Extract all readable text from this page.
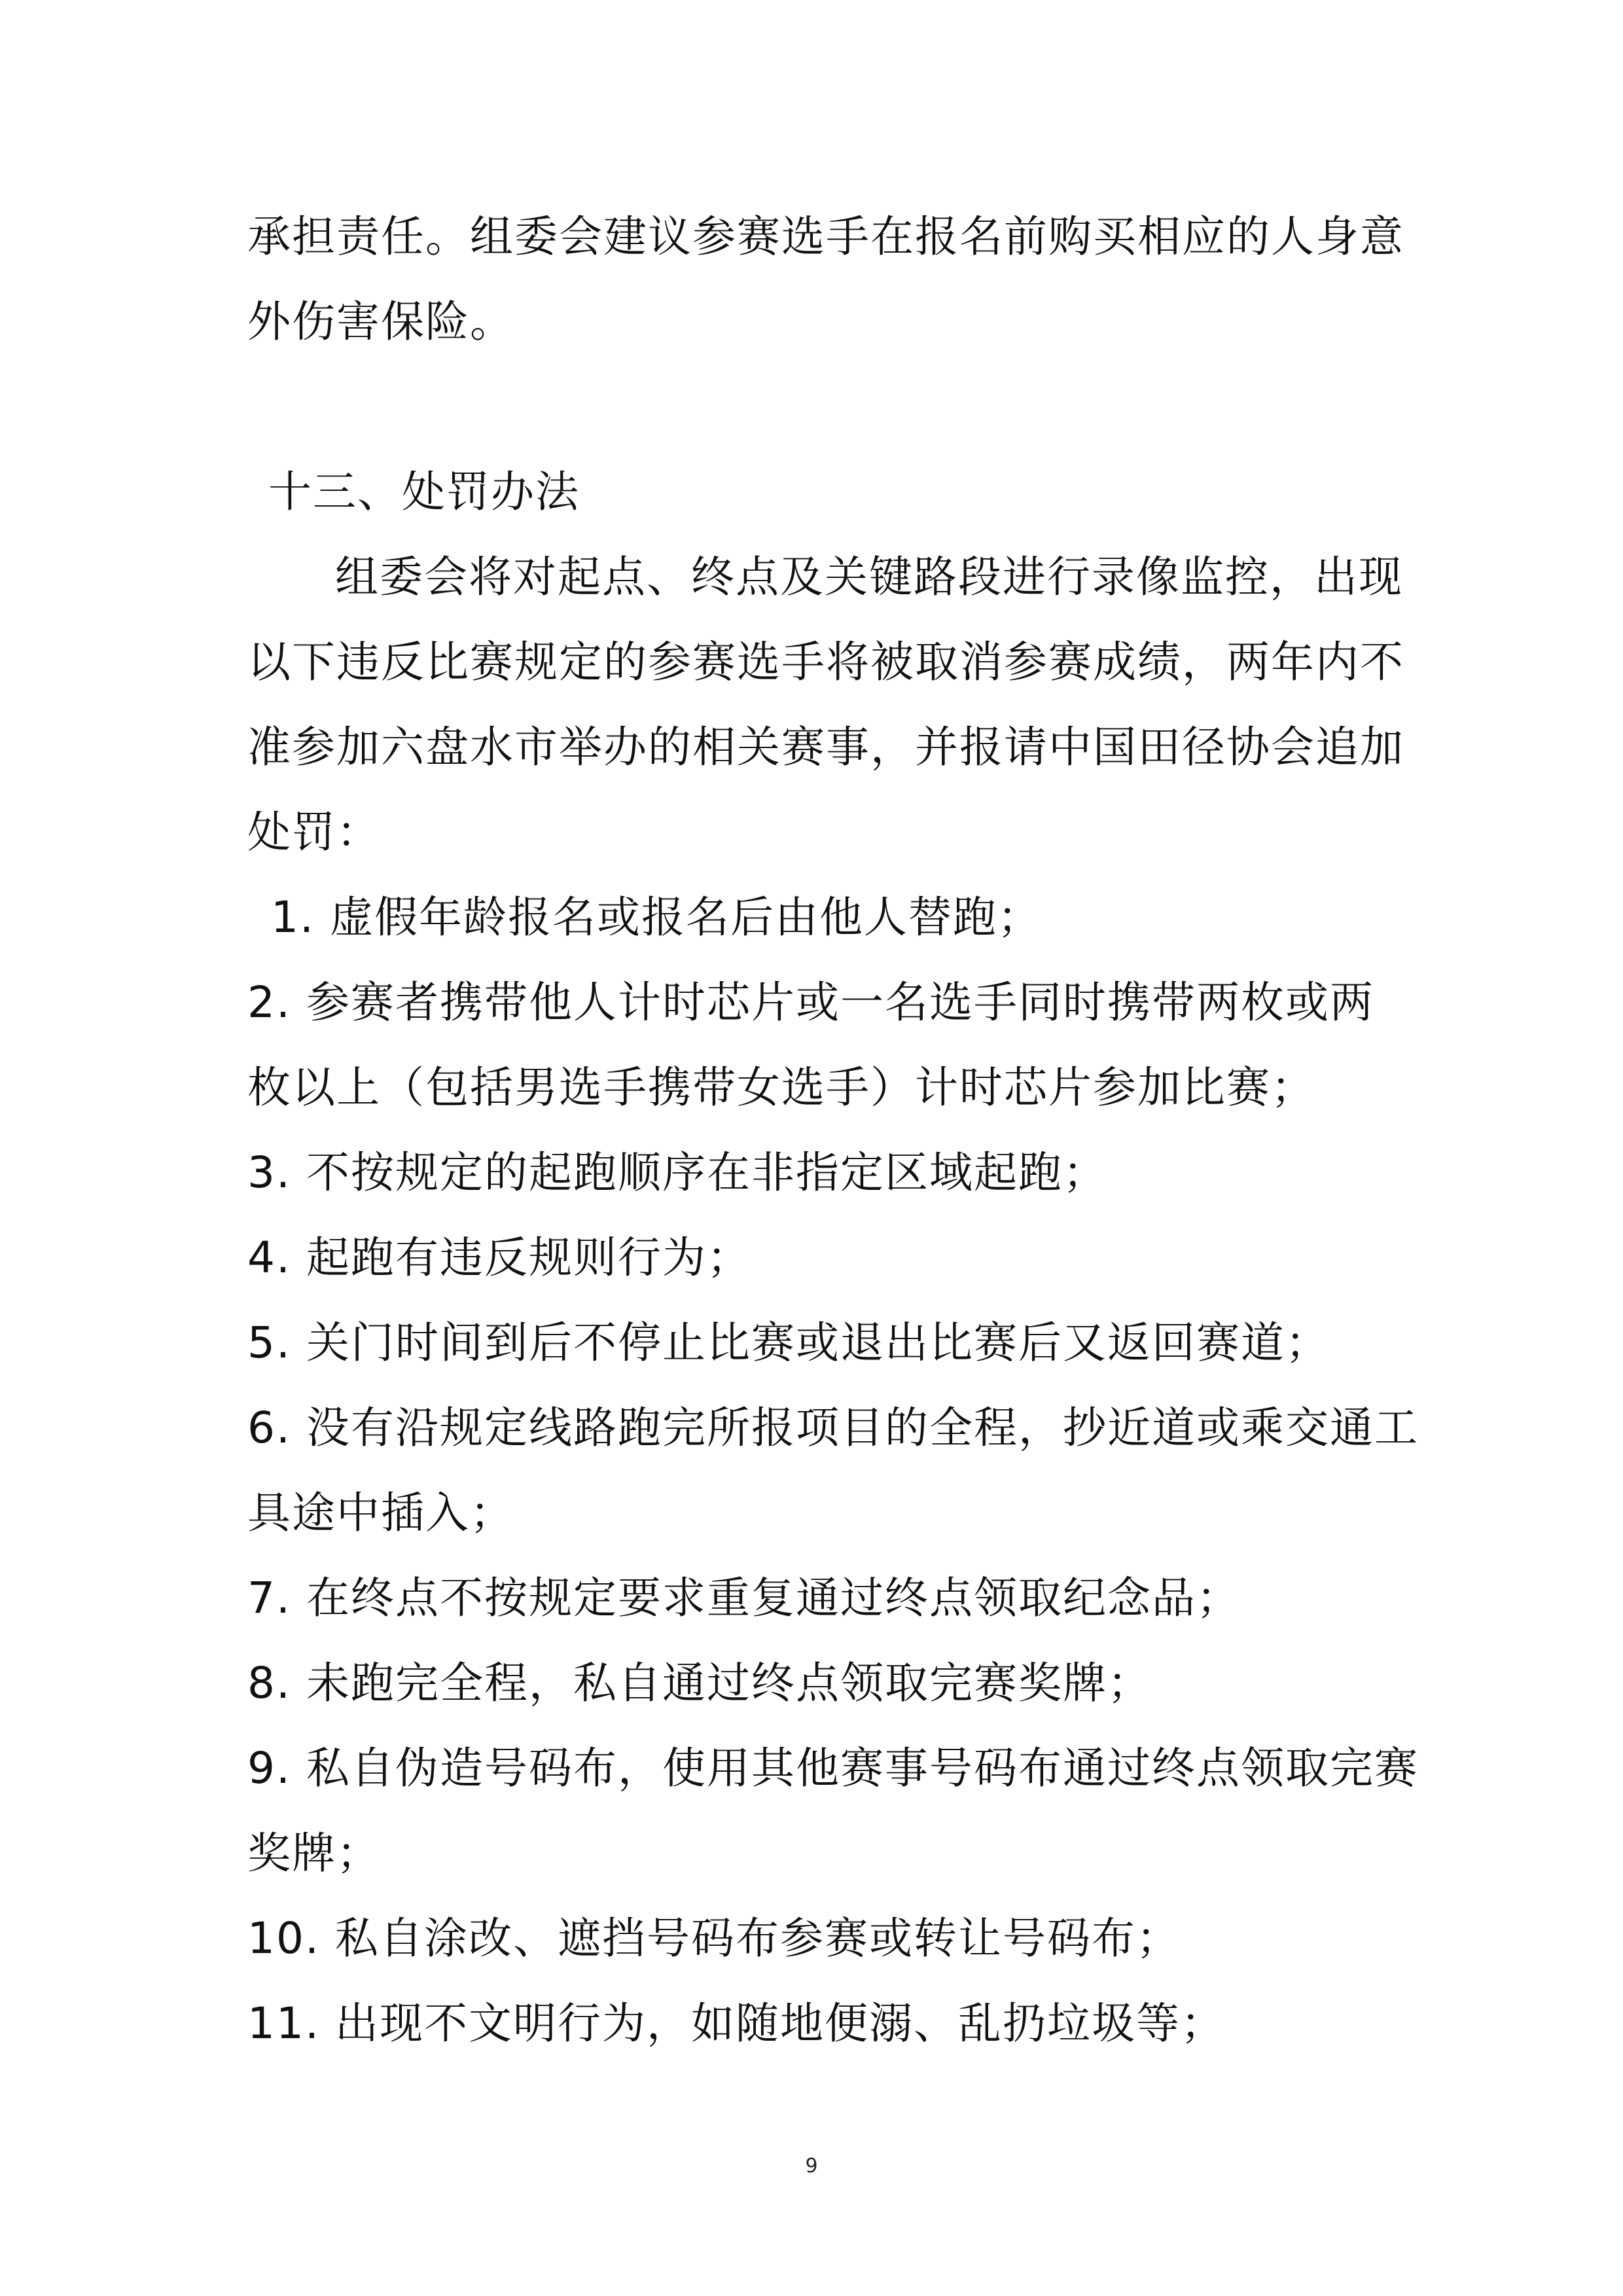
承担责任。组委会建议参赛选手在报名前购买相应的人身意
外伤害保险。
十三、处罚办法
组委会将对起点、终点及关键路段进行录像监控，出现
以下违反比赛规定的参赛选手将被取消参赛成绩，两年内不
准参加六盘水市举办的相关赛事，并报请中国田径协会追加
处罚：
1. 虚假年龄报名或报名后由他人替跑；
2. 参赛者携带他人计时芯片或一名选手同时携带两枚或两
枚以上（包括男选手携带女选手）计时芯片参加比赛；
3. 不按规定的起跑顺序在非指定区域起跑；
4. 起跑有违反规则行为；
5. 关门时间到后不停止比赛或退出比赛后又返回赛道；
6. 没有沿规定线路跑完所报项目的全程，抄近道或乘交通工
具途中插入；
7. 在终点不按规定要求重复通过终点领取纪念品；
8. 未跑完全程，私自通过终点领取完赛奖牌；
9. 私自伪造号码布，使用其他赛事号码布通过终点领取完赛
奖牌；
10. 私自涂改、遮挡号码布参赛或转让号码布；
11. 出现不文明行为，如随地便溺、乱扔垃圾等；
9
